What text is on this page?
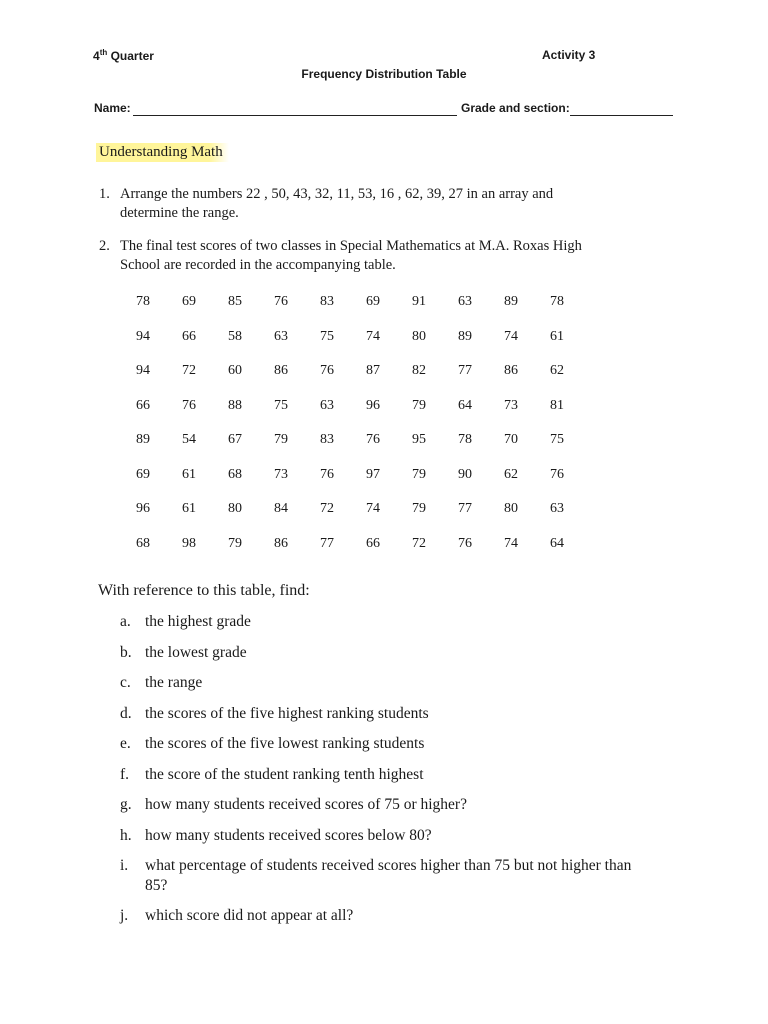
4th Quarter	Activity 3
Frequency Distribution Table
Name:	Grade and section:
Understanding Math
1. Arrange the numbers 22 , 50, 43, 32, 11, 53, 16 , 62, 39, 27 in an array and determine the range.
2. The final test scores of two classes in Special Mathematics at M.A. Roxas High School are recorded in the accompanying table.
78	69	85	76	83	69	91	63	89	78
94	66	58	63	75	74	80	89	74	61
94	72	60	86	76	87	82	77	86	62
66	76	88	75	63	96	79	64	73	81
89	54	67	79	83	76	95	78	70	75
69	61	68	73	76	97	79	90	62	76
96	61	80	84	72	74	79	77	80	63
68	98	79	86	77	66	72	76	74	64
With reference to this table, find:
a. the highest grade
b. the lowest grade
c. the range
d. the scores of the five highest ranking students
e. the scores of the five lowest ranking students
f. the score of the student ranking tenth highest
g. how many students received scores of 75 or higher?
h. how many students received scores below 80?
i. what percentage of students received scores higher than 75 but not higher than 85?
j. which score did not appear at all?
